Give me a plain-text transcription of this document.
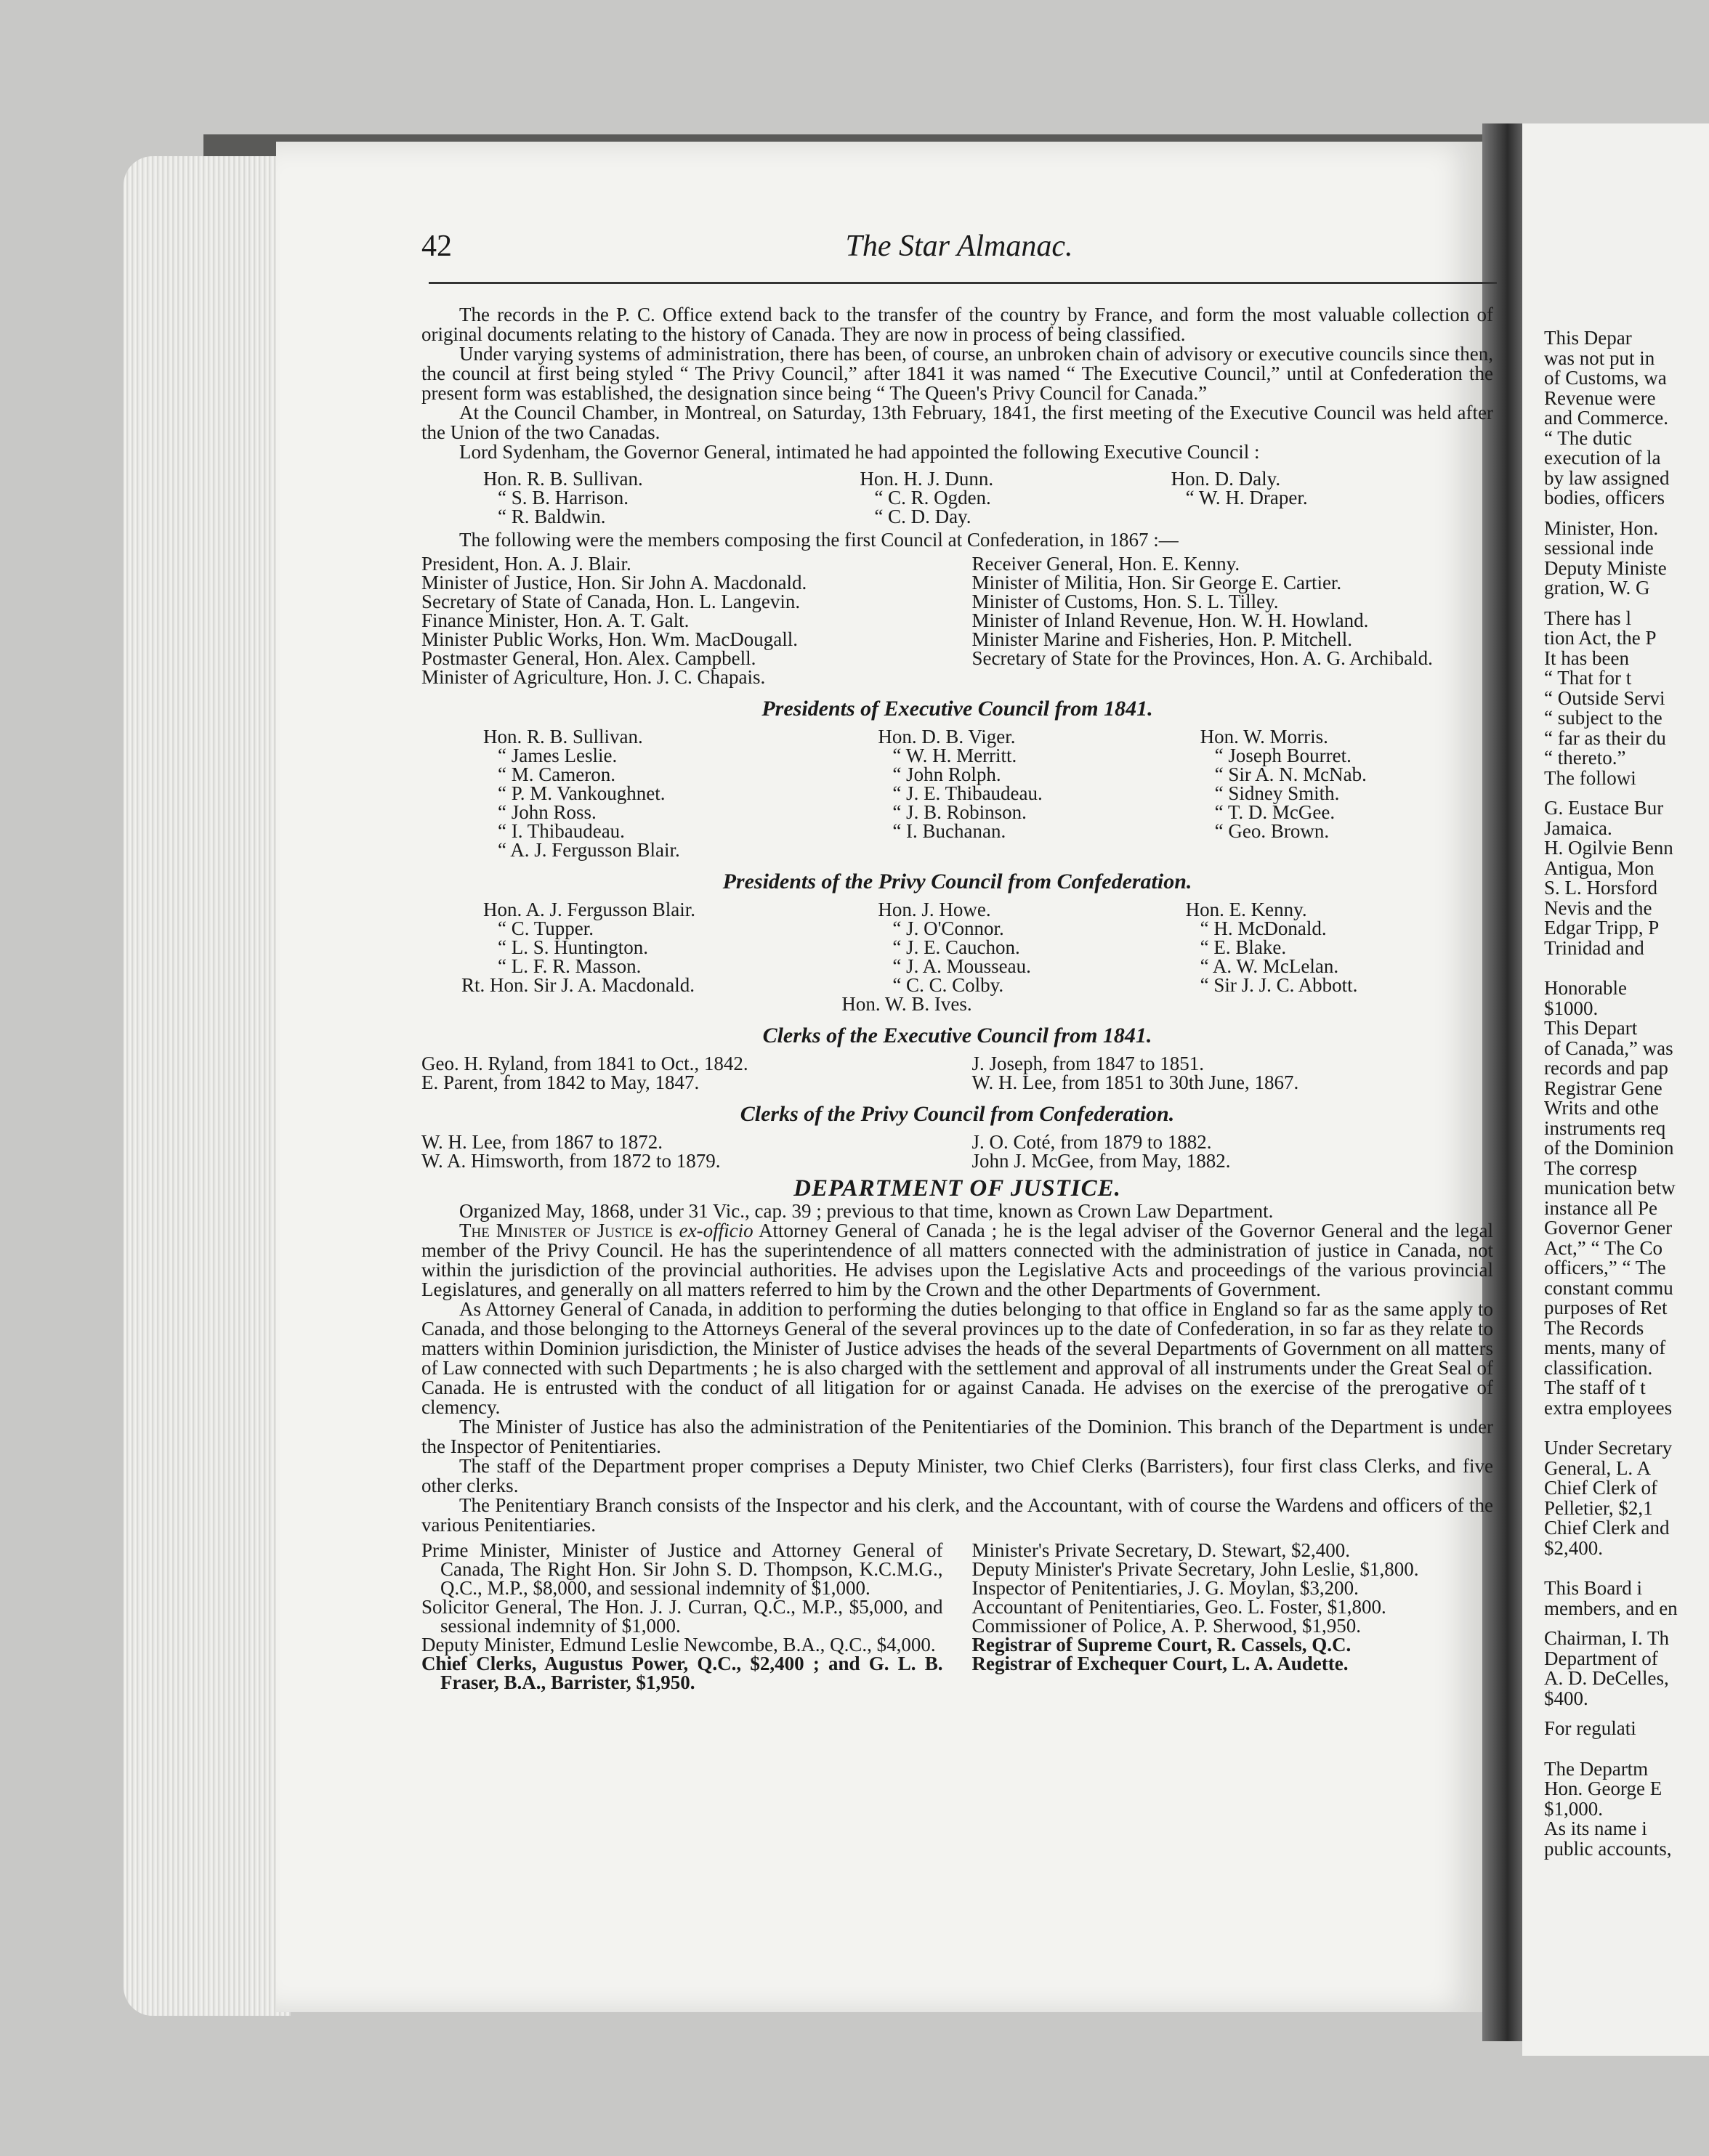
This Depar
was not put in
of Customs, wa
Revenue were
and Commerce.
“ The dutic
execution of la
by law assigned
bodies, officers
Minister, Hon.
sessional inde
Deputy Ministe
gration, W. G
There has l
tion Act, the P
It has been
“ That for t
“ Outside Servi
“ subject to the
“ far as their du
“ thereto.”
The followi
G. Eustace Bur
Jamaica.
H. Ogilvie Benn
Antigua, Mon
S. L. Horsford
Nevis and the
Edgar Tripp, P
Trinidad and
Honorable
$1000.
This Depart
of Canada,” was
records and pap
Registrar Gene
Writs and othe
instruments req
of the Dominion
The corresp
munication betw
instance all Pe
Governor Gener
Act,” “ The Co
officers,” “ The
constant commu
purposes of Ret
The Records
ments, many of
classification.
The staff of t
extra employees
Under Secretary
General, L. A
Chief Clerk of
Pelletier, $2,1
Chief Clerk and
$2,400.
This Board i
members, and en
Chairman, I. Th
Department of
A. D. DeCelles,
$400.
For regulati
The Departm
Hon. George E
$1,000.
As its name i
public accounts,
42	The Star Almanac.

The records in the P. C. Office extend back to the transfer of the country by France, and form the most valuable collection of original documents relating to the history of Canada. They are now in process of being classified.

Under varying systems of administration, there has been, of course, an unbroken chain of advisory or executive councils since then, the council at first being styled “ The Privy Council,” after 1841 it was named “ The Executive Council,” until at Confederation the present form was established, the designation since being “ The Queen's Privy Council for Canada.”

At the Council Chamber, in Montreal, on Saturday, 13th February, 1841, the first meeting of the Executive Council was held after the Union of the two Canadas.

Lord Sydenham, the Governor General, intimated he had appointed the following Executive Council :

Hon. R. B. Sullivan.
“ S. B. Harrison.
“ R. Baldwin.
Hon. H. J. Dunn.
“ C. R. Ogden.
“ C. D. Day.
Hon. D. Daly.
“ W. H. Draper.

The following were the members composing the first Council at Confederation, in 1867 :—

President, Hon. A. J. Blair.
Minister of Justice, Hon. Sir John A. Macdonald.
Secretary of State of Canada, Hon. L. Langevin.
Finance Minister, Hon. A. T. Galt.
Minister Public Works, Hon. Wm. MacDougall.
Postmaster General, Hon. Alex. Campbell.
Minister of Agriculture, Hon. J. C. Chapais.
Receiver General, Hon. E. Kenny.
Minister of Militia, Hon. Sir George E. Cartier.
Minister of Customs, Hon. S. L. Tilley.
Minister of Inland Revenue, Hon. W. H. Howland.
Minister Marine and Fisheries, Hon. P. Mitchell.
Secretary of State for the Provinces, Hon. A. G. Archibald.
Presidents of Executive Council from 1841.
Hon. R. B. Sullivan.
“ James Leslie.
“ M. Cameron.
“ P. M. Vankoughnet.
“ John Ross.
“ I. Thibaudeau.
“ A. J. Fergusson Blair.
Hon. D. B. Viger.
“ W. H. Merritt.
“ John Rolph.
“ J. E. Thibaudeau.
“ J. B. Robinson.
“ I. Buchanan.
Hon. W. Morris.
“ Joseph Bourret.
“ Sir A. N. McNab.
“ Sidney Smith.
“ T. D. McGee.
“ Geo. Brown.
Presidents of the Privy Council from Confederation.
Hon. A. J. Fergusson Blair.
“ C. Tupper.
“ L. S. Huntington.
“ L. F. R. Masson.
Rt. Hon. Sir J. A. Macdonald.
Hon. J. Howe.
“ J. O'Connor.
“ J. E. Cauchon.
“ J. A. Mousseau.
“ C. C. Colby.
Hon. W. B. Ives.
Hon. E. Kenny.
“ H. McDonald.
“ E. Blake.
“ A. W. McLelan.
“ Sir J. J. C. Abbott.
Clerks of the Executive Council from 1841.
Geo. H. Ryland, from 1841 to Oct., 1842.
E. Parent, from 1842 to May, 1847.
J. Joseph, from 1847 to 1851.
W. H. Lee, from 1851 to 30th June, 1867.
Clerks of the Privy Council from Confederation.
W. H. Lee, from 1867 to 1872.
W. A. Himsworth, from 1872 to 1879.
J. O. Coté, from 1879 to 1882.
John J. McGee, from May, 1882.
DEPARTMENT OF JUSTICE.

Organized May, 1868, under 31 Vic., cap. 39 ; previous to that time, known as Crown Law Department.

The Minister of Justice is ex-officio Attorney General of Canada ; he is the legal adviser of the Governor General and the legal member of the Privy Council. He has the superintendence of all matters connected with the administration of justice in Canada, not within the jurisdiction of the provincial authorities. He advises upon the Legislative Acts and proceedings of the various provincial Legislatures, and generally on all matters referred to him by the Crown and the other Departments of Government.

As Attorney General of Canada, in addition to performing the duties belonging to that office in England so far as the same apply to Canada, and those belonging to the Attorneys General of the several provinces up to the date of Confederation, in so far as they relate to matters within Dominion jurisdiction, the Minister of Justice advises the heads of the several Departments of Government on all matters of Law connected with such Departments ; he is also charged with the settlement and approval of all instruments under the Great Seal of Canada. He is entrusted with the conduct of all litigation for or against Canada. He advises on the exercise of the prerogative of clemency.

The Minister of Justice has also the administration of the Penitentiaries of the Dominion. This branch of the Department is under the Inspector of Penitentiaries.

The staff of the Department proper comprises a Deputy Minister, two Chief Clerks (Barristers), four first class Clerks, and five other clerks.

The Penitentiary Branch consists of the Inspector and his clerk, and the Accountant, with of course the Wardens and officers of the various Penitentiaries.

Prime Minister, Minister of Justice and Attorney General of Canada, The Right Hon. Sir John S. D. Thompson, K.C.M.G., Q.C., M.P., $8,000, and sessional indemnity of $1,000.
Solicitor General, The Hon. J. J. Curran, Q.C., M.P., $5,000, and sessional indemnity of $1,000.
Deputy Minister, Edmund Leslie Newcombe, B.A., Q.C., $4,000.
Chief Clerks, Augustus Power, Q.C., $2,400 ; and G. L. B. Fraser, B.A., Barrister, $1,950.
Minister's Private Secretary, D. Stewart, $2,400.
Deputy Minister's Private Secretary, John Leslie, $1,800.
Inspector of Penitentiaries, J. G. Moylan, $3,200.
Accountant of Penitentiaries, Geo. L. Foster, $1,800.
Commissioner of Police, A. P. Sherwood, $1,950.
Registrar of Supreme Court, R. Cassels, Q.C.
Registrar of Exchequer Court, L. A. Audette.
